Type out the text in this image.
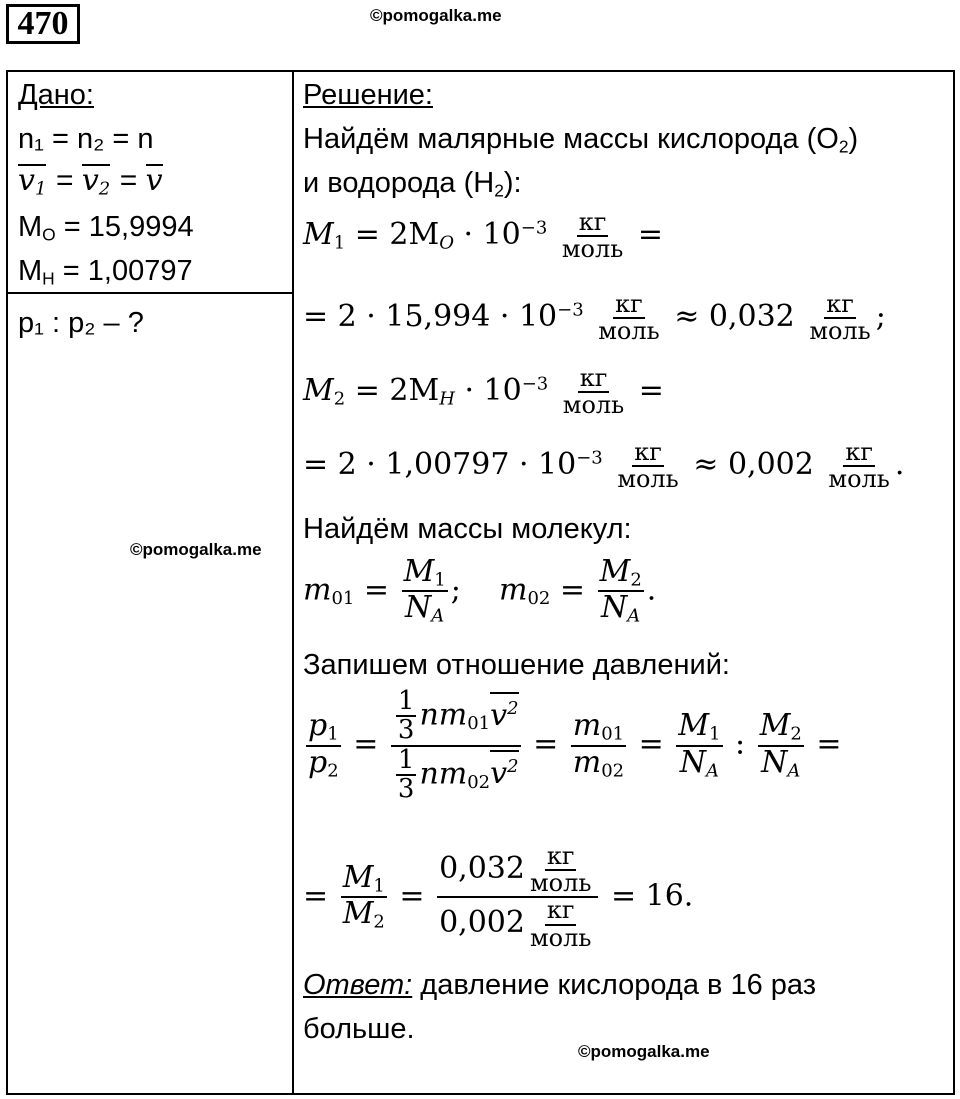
470	©pomogalka.me
Дано:
n₁ = n₂ = n
$v_1 = v_2 = v$
$M_O = 15,9994$
$M_H = 1,00797$
p₁ : p₂ – ?
©pomogalka.me
Решение:
Найдём малярные массы кислорода $(O_2)$
и водорода $(H_2)$:
$M_1 = 2M_O \cdot 10^{-3} \frac{кг}{\text{моль}}$ =
= $2 \cdot 15,994 \cdot 10^{-3} \frac{кг}{\text{моль}} \approx 0,032 \frac{кг}{\text{моль}}$ ;
$M_2 = 2M_H \cdot 10^{-3} \frac{кг}{\text{моль}}$ =
= $2 \cdot 1,00797 \cdot 10^{-3} \frac{кг}{\text{моль}} \approx 0,002 \frac{кг}{\text{моль}}$ .
Найдём массы молекул:
$m_{01} = \frac{M_1}{N_A}$ ;    $m_{02} = \frac{M_2}{N_A}$ .
Запишем отношение давлений:
$\frac{p_1}{p_2} = \frac{\frac{1}{3} nm_{01}v^2}{\frac{1}{3} nm_{02}v^2} = \frac{m_{01}}{m_{02}} = \frac{M_1}{N_A}$ : $\frac{M_2}{N_A}$ =
= $\frac{M_1}{M_2} = \frac{0,032 \frac{кг}{\text{моль}}}{0,002 \frac{кг}{\text{моль}}} = 16$.
Ответ: давление кислорода в 16 раз
больше.
©pomogalka.me
